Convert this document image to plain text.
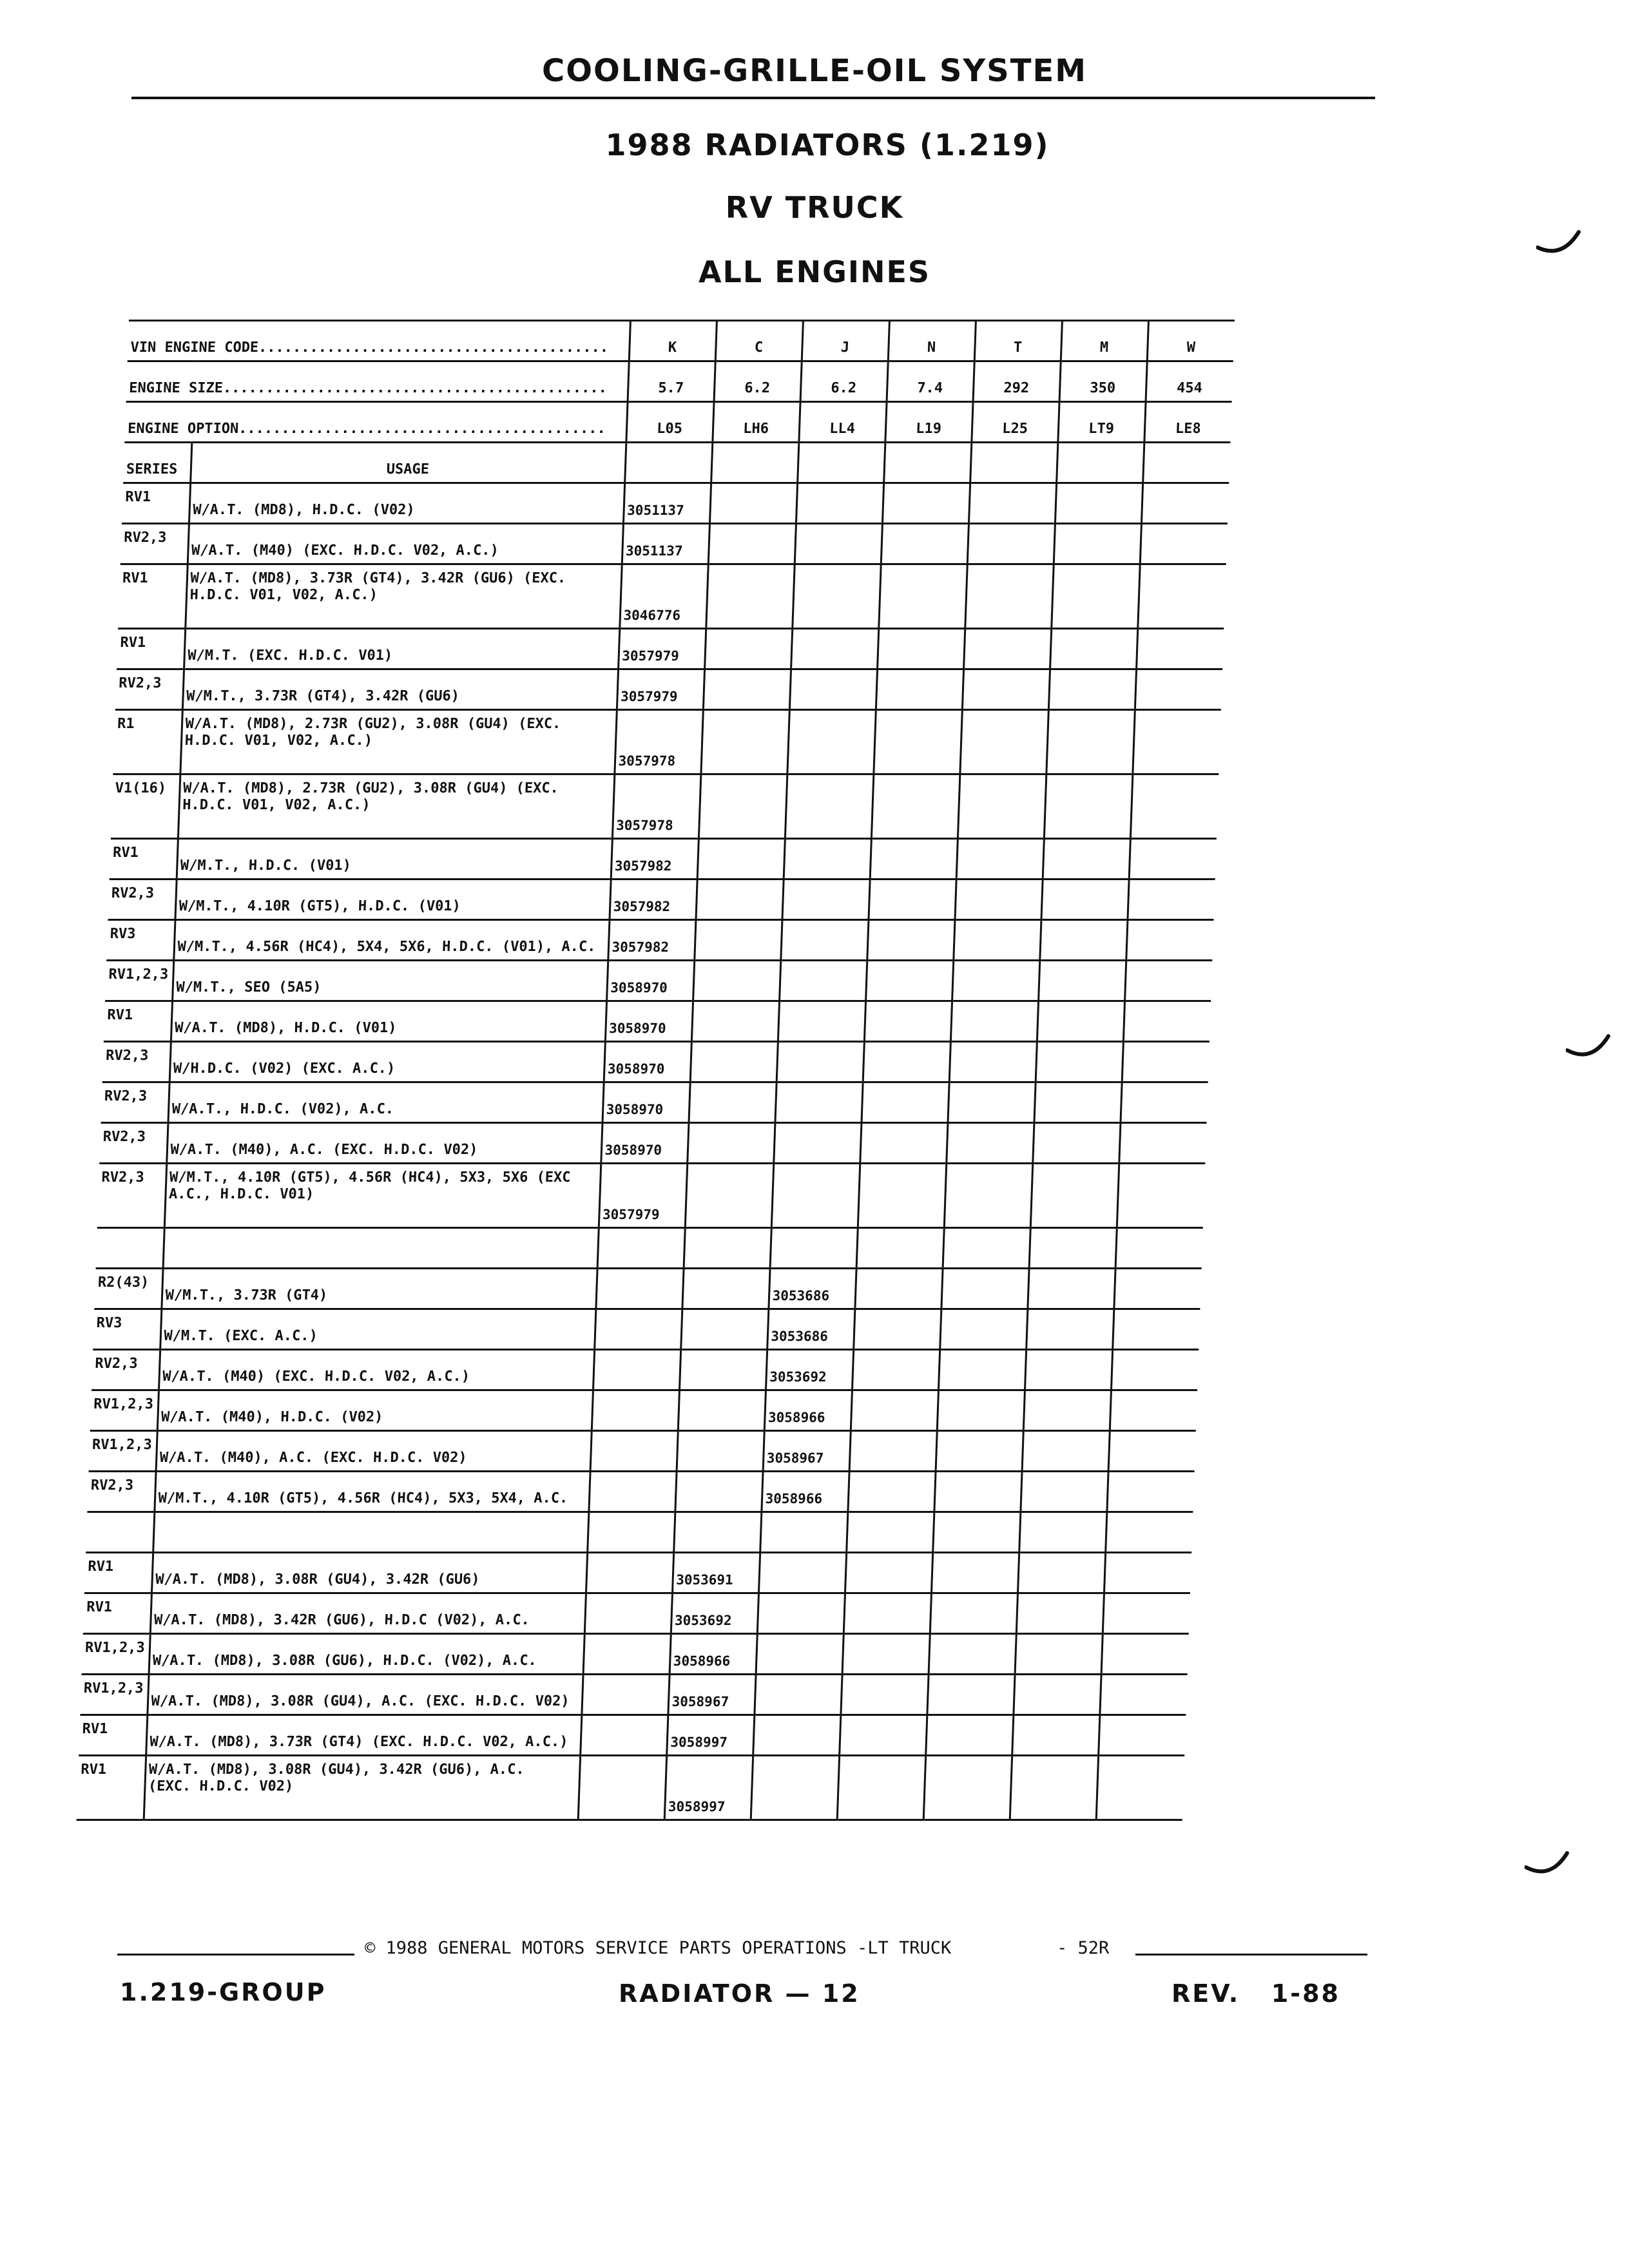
COOLING-GRILLE-OIL SYSTEM
1988 RADIATORS (1.219)
RV TRUCK
ALL ENGINES
VIN ENGINE CODE.........................................		K	C	J	N	T	M	W
ENGINE SIZE.............................................		5.7	6.2	6.2	7.4	292	350	454
ENGINE OPTION...........................................		L05	LH6	LL4	L19	L25	LT9	LE8
SERIES	USAGE							
RV1	W/A.T. (MD8), H.D.C. (V02)	3051137						
RV2,3	W/A.T. (M40) (EXC. H.D.C. V02, A.C.)	3051137						
RV1	W/A.T. (MD8), 3.73R (GT4), 3.42R (GU6) (EXC.
H.D.C. V01, V02, A.C.)	3046776						
RV1	W/M.T. (EXC. H.D.C. V01)	3057979						
RV2,3	W/M.T., 3.73R (GT4), 3.42R (GU6)	3057979						
R1	W/A.T. (MD8), 2.73R (GU2), 3.08R (GU4) (EXC.
H.D.C. V01, V02, A.C.)	3057978						
V1(16)	W/A.T. (MD8), 2.73R (GU2), 3.08R (GU4) (EXC.
H.D.C. V01, V02, A.C.)	3057978						
RV1	W/M.T., H.D.C. (V01)	3057982						
RV2,3	W/M.T., 4.10R (GT5), H.D.C. (V01)	3057982						
RV3	W/M.T., 4.56R (HC4), 5X4, 5X6, H.D.C. (V01), A.C.	3057982						
RV1,2,3	W/M.T., SEO (5A5)	3058970						
RV1	W/A.T. (MD8), H.D.C. (V01)	3058970						
RV2,3	W/H.D.C. (V02) (EXC. A.C.)	3058970						
RV2,3	W/A.T., H.D.C. (V02), A.C.	3058970						
RV2,3	W/A.T. (M40), A.C. (EXC. H.D.C. V02)	3058970						
RV2,3	W/M.T., 4.10R (GT5), 4.56R (HC4), 5X3, 5X6 (EXC
A.C., H.D.C. V01)	3057979						

R2(43)	W/M.T., 3.73R (GT4)			3053686				
RV3	W/M.T. (EXC. A.C.)			3053686				
RV2,3	W/A.T. (M40) (EXC. H.D.C. V02, A.C.)			3053692				
RV1,2,3	W/A.T. (M40), H.D.C. (V02)			3058966				
RV1,2,3	W/A.T. (M40), A.C. (EXC. H.D.C. V02)			3058967				
RV2,3	W/M.T., 4.10R (GT5), 4.56R (HC4), 5X3, 5X4, A.C.			3058966				

RV1	W/A.T. (MD8), 3.08R (GU4), 3.42R (GU6)		3053691					
RV1	W/A.T. (MD8), 3.42R (GU6), H.D.C (V02), A.C.		3053692					
RV1,2,3	W/A.T. (MD8), 3.08R (GU6), H.D.C. (V02), A.C.		3058966					
RV1,2,3	W/A.T. (MD8), 3.08R (GU4), A.C. (EXC. H.D.C. V02)		3058967					
RV1	W/A.T. (MD8), 3.73R (GT4) (EXC. H.D.C. V02, A.C.)		3058997					
RV1	W/A.T. (MD8), 3.08R (GU4), 3.42R (GU6), A.C.
(EXC. H.D.C. V02)		3058997					
© 1988 GENERAL MOTORS SERVICE PARTS OPERATIONS -LT TRUCK	- 52R
1.219-GROUP	RADIATOR — 12	REV.   1-88
